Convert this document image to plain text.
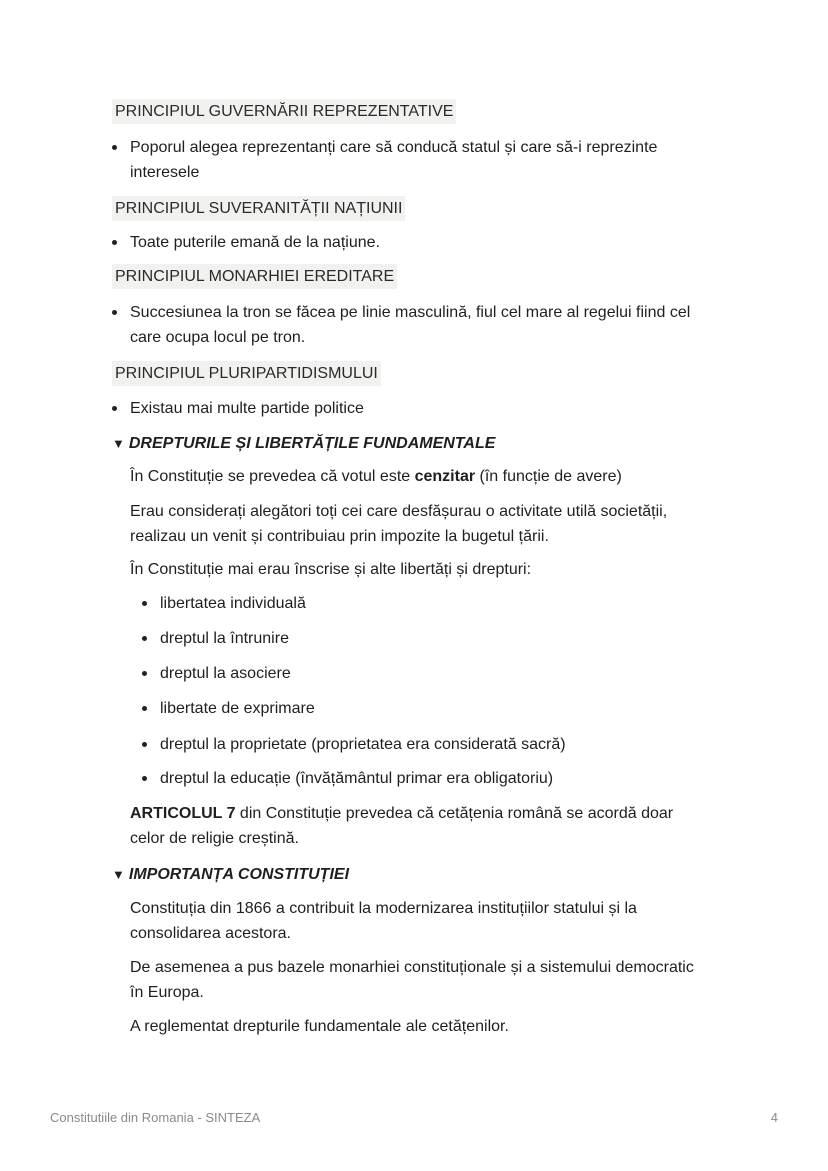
PRINCIPIUL GUVERNĂRII REPREZENTATIVE
Poporul alegea reprezentanți care să conducă statul și care să-i reprezinte
interesele
PRINCIPIUL SUVERANITĂȚII NAȚIUNII
Toate puterile emană de la națiune.
PRINCIPIUL MONARHIEI EREDITARE
Succesiunea la tron se făcea pe linie masculină, fiul cel mare al regelui fiind cel
care ocupa locul pe tron.
PRINCIPIUL PLURIPARTIDISMULUI
Existau mai multe partide politice
▼ DREPTURILE ȘI LIBERTĂȚILE FUNDAMENTALE
În Constituție se prevedea că votul este cenzitar (în funcție de avere)
Erau considerați alegători toți cei care desfășurau o activitate utilă societății,
realizau un venit și contribuiau prin impozite la bugetul țării.
În Constituție mai erau înscrise și alte libertăți și drepturi:
libertatea individuală
dreptul la întrunire
dreptul la asociere
libertate de exprimare
dreptul la proprietate (proprietatea era considerată sacră)
dreptul la educație (învățământul primar era obligatoriu)
ARTICOLUL 7 din Constituție prevedea că cetățenia română se acordă doar
celor de religie creștină.
▼ IMPORTANȚA CONSTITUȚIEI
Constituția din 1866 a contribuit la modernizarea instituțiilor statului și la
consolidarea acestora.
De asemenea a pus bazele monarhiei constituționale și a sistemului democratic
în Europa.
A reglementat drepturile fundamentale ale cetățenilor.
Constitutiile din Romania - SINTEZA	4
